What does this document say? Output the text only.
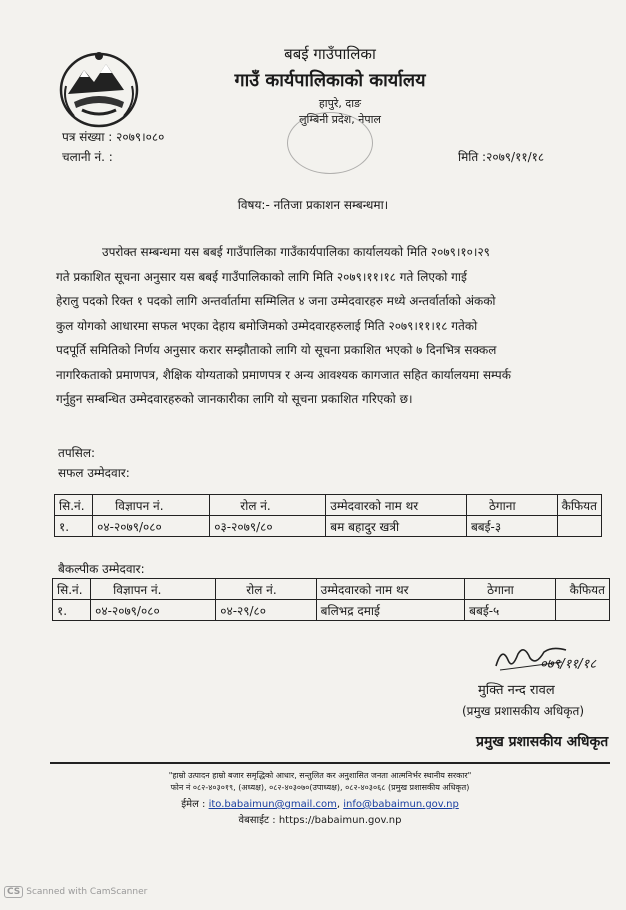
बबई गाउँपालिका
गाउँ कार्यपालिकाको कार्यालय
हापुरे, दाङ
लुम्बिनी प्रदेश, नेपाल
पत्र संख्या : २०७९।०८०
चलानी नं. :	मिति :२०७९/११/१८
विषय:- नतिजा प्रकाशन सम्बन्धमा।
उपरोक्त सम्बन्धमा यस बबई गाउँपालिका गाउँकार्यपालिका कार्यालयको मिति २०७९।१०।२९
गते प्रकाशित सूचना अनुसार यस बबई गाउँपालिकाको लागि मिति २०७९।११।१८ गते लिएको गाई
हेरालु पदको रिक्त १ पदको लागि अन्तर्वार्तामा सम्मिलित ४ जना उम्मेदवारहरु मध्ये अन्तर्वार्ताको अंकको
कुल योगको आधारमा सफल भएका देहाय बमोजिमको उम्मेदवारहरुलाई मिति २०७९।११।१८ गतेको
पदपूर्ति समितिको निर्णय अनुसार करार सम्झौताको लागि यो सूचना प्रकाशित भएको ७ दिनभित्र सक्कल
नागरिकताको प्रमाणपत्र, शैक्षिक योग्यताको प्रमाणपत्र र अन्य आवश्यक कागजात सहित कार्यालयमा सम्पर्क
गर्नुहुन सम्बन्धित उम्मेदवारहरुको जानकारीका लागि यो सूचना प्रकाशित गरिएको छ।
तपसिल:
सफल उम्मेदवार:
सि.नं.	विज्ञापन नं.	रोल नं.	उम्मेदवारको नाम थर	ठेगाना	कैफियत
१.	०४-२०७९/०८०	०३-२०७९/८०	बम बहादुर खत्री	बबई-३	
बैकल्पीक उम्मेदवार:
सि.नं.	विज्ञापन नं.	रोल नं.	उम्मेदवारको नाम थर	ठेगाना	कैफियत
१.	०४-२०७९/०८०	०४-२९/८०	बलिभद्र दमाई	बबई-५	
०७९/११/१८
मुक्ति नन्द रावल
(प्रमुख प्रशासकीय अधिकृत)
प्रमुख प्रशासकीय अधिकृत
"हाम्रो उत्पादन हाम्रो बजार समृद्धिको आधार, सन्तुलित कर अनुशासित जनता आत्मनिर्भर स्थानीय सरकार"
फोन नं ०८२-४०३०१९, (अध्यक्ष), ०८२-४०३०७०(उपाध्यक्ष), ०८२-४०३०६८ (प्रमुख प्रशासकीय अधिकृत)
ईमेल : ito.babaimun@gmail.com, info@babaimun.gov.np
वेबसाईट : https://babaimun.gov.np
CS Scanned with CamScanner
